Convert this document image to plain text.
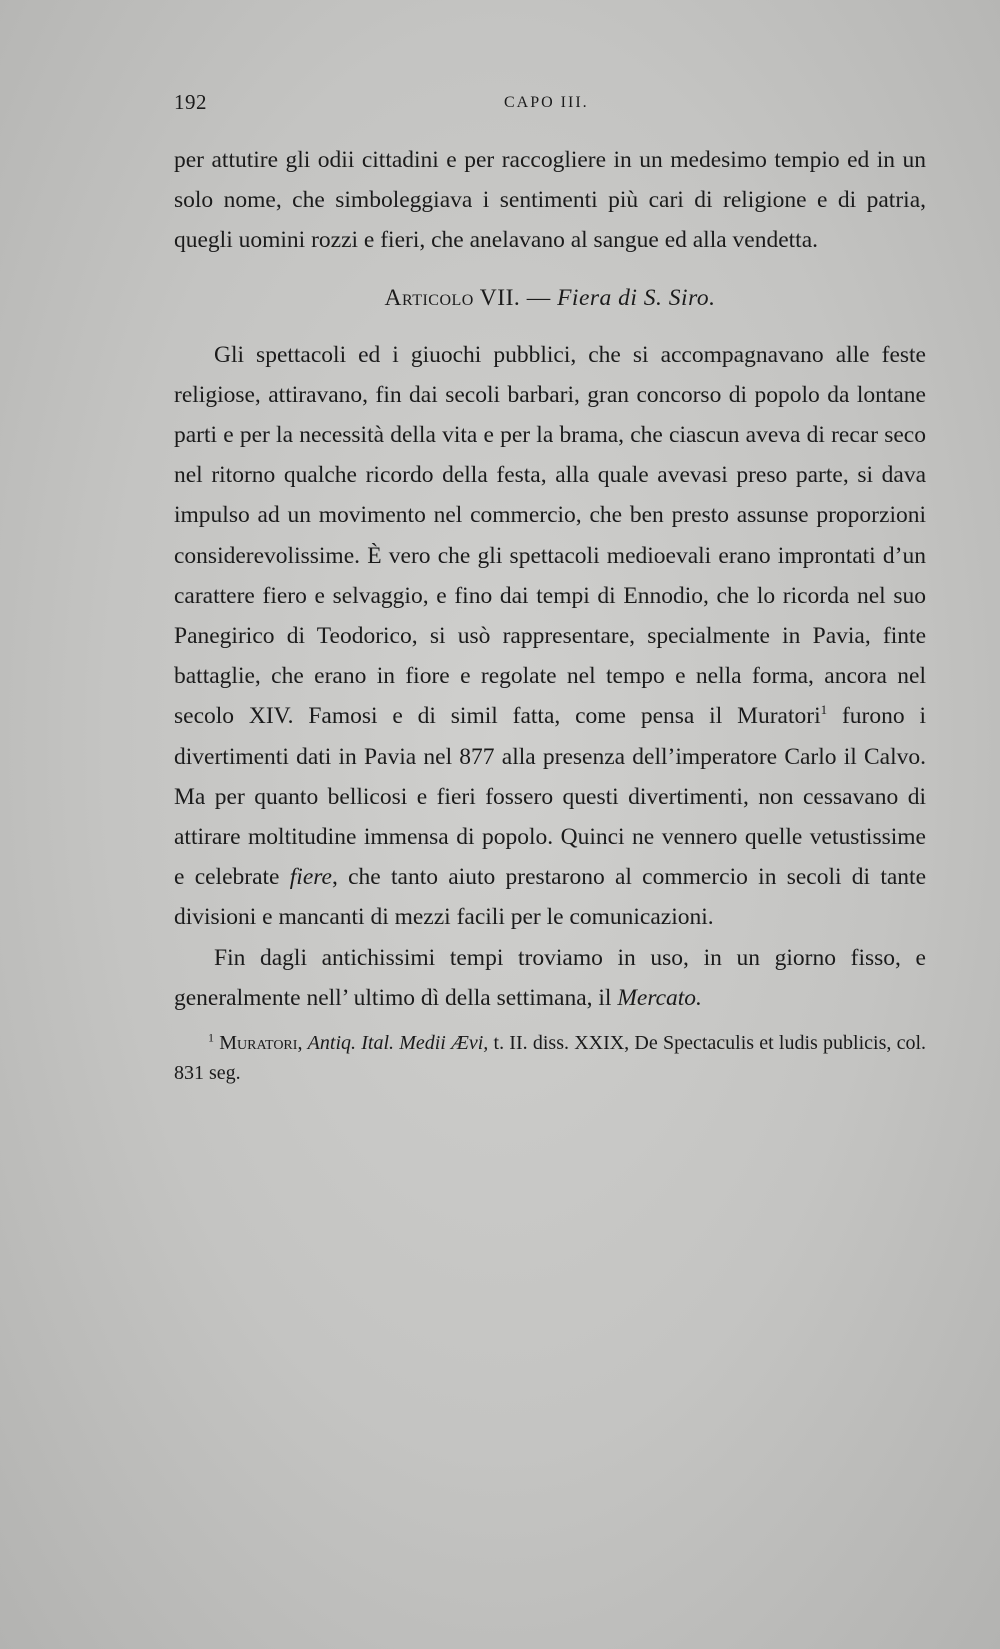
192	CAPO III.

per attutire gli odii cittadini e per raccogliere in un medesimo tempio ed in un solo nome, che simboleggiava i sentimenti più cari di religione e di patria, quegli uomini rozzi e fieri, che anelavano al sangue ed alla vendetta.

Articolo VII. — Fiera di S. Siro.

Gli spettacoli ed i giuochi pubblici, che si accompagnavano alle feste religiose, attiravano, fin dai secoli barbari, gran concorso di popolo da lontane parti e per la necessità della vita e per la brama, che ciascun aveva di recar seco nel ritorno qualche ricordo della festa, alla quale avevasi preso parte, si dava impulso ad un movimento nel commercio, che ben presto assunse proporzioni considerevolissime. È vero che gli spettacoli medioevali erano improntati d’un carattere fiero e selvaggio, e fino dai tempi di Ennodio, che lo ricorda nel suo Panegirico di Teodorico, si usò rappresentare, specialmente in Pavia, finte battaglie, che erano in fiore e regolate nel tempo e nella forma, ancora nel secolo XIV. Famosi e di simil fatta, come pensa il Muratori$^1$ furono i divertimenti dati in Pavia nel 877 alla presenza dell’imperatore Carlo il Calvo. Ma per quanto bellicosi e fieri fossero questi divertimenti, non cessavano di attirare moltitudine immensa di popolo. Quinci ne vennero quelle vetustissime e celebrate fiere, che tanto aiuto prestarono al commercio in secoli di tante divisioni e mancanti di mezzi facili per le comunicazioni.

Fin dagli antichissimi tempi troviamo in uso, in un giorno fisso, e generalmente nell’ ultimo dì della settimana, il Mercato.

$^1$ Muratori, Antiq. Ital. Medii Ævi, t. II. diss. XXIX, De Spectaculis et ludis publicis, col. 831 seg.
